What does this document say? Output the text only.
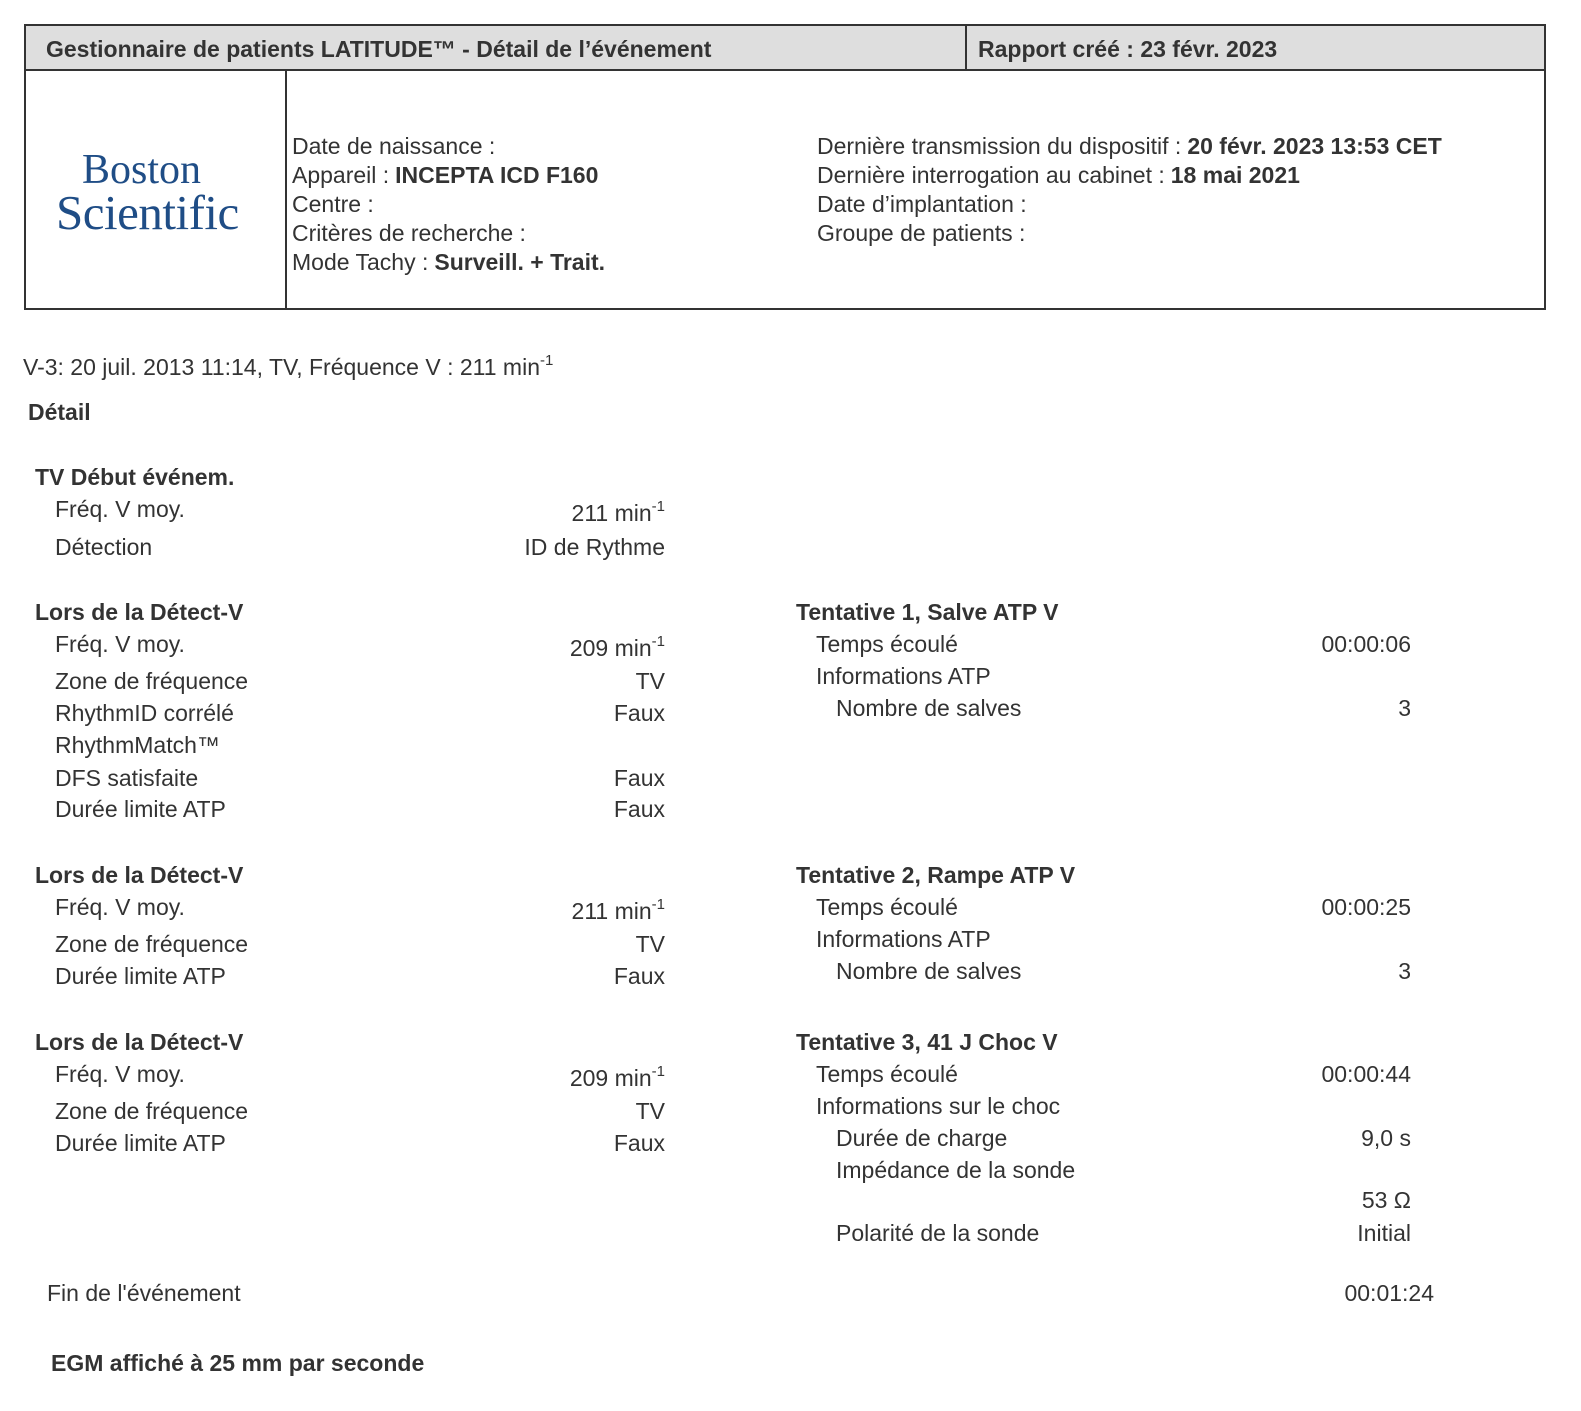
Gestionnaire de patients LATITUDE™ - Détail de l’événement	Rapport créé : 23 févr. 2023
Boston
Scientific
Date de naissance :
Appareil : INCEPTA ICD F160
Centre :
Critères de recherche :
Mode Tachy : Surveill. + Trait.
Dernière transmission du dispositif : 20 févr. 2023 13:53 CET
Dernière interrogation au cabinet : 18 mai 2021
Date d’implantation :
Groupe de patients :
V-3: 20 juil. 2013 11:14, TV, Fréquence V : 211 $\min^{-1}$
Détail
TV Début événem.
Fréq. V moy.	211 $\min^{-1}$
Détection	ID de Rythme
Lors de la Détect-V
Fréq. V moy.	209 $\min^{-1}$
Zone de fréquence	TV
RhythmID corrélé	Faux
RhythmMatch™
DFS satisfaite	Faux
Durée limite ATP	Faux
Lors de la Détect-V
Fréq. V moy.	211 $\min^{-1}$
Zone de fréquence	TV
Durée limite ATP	Faux
Lors de la Détect-V
Fréq. V moy.	209 $\min^{-1}$
Zone de fréquence	TV
Durée limite ATP	Faux
Tentative 1, Salve ATP V
Temps écoulé	00:00:06
Informations ATP
Nombre de salves	3
Tentative 2, Rampe ATP V
Temps écoulé	00:00:25
Informations ATP
Nombre de salves	3
Tentative 3, 41 J Choc V
Temps écoulé	00:00:44
Informations sur le choc
Durée de charge	9,0 s
Impédance de la sonde
53 Ω
Polarité de la sonde	Initial
Fin de l'événement	00:01:24
EGM affiché à 25 mm par seconde
